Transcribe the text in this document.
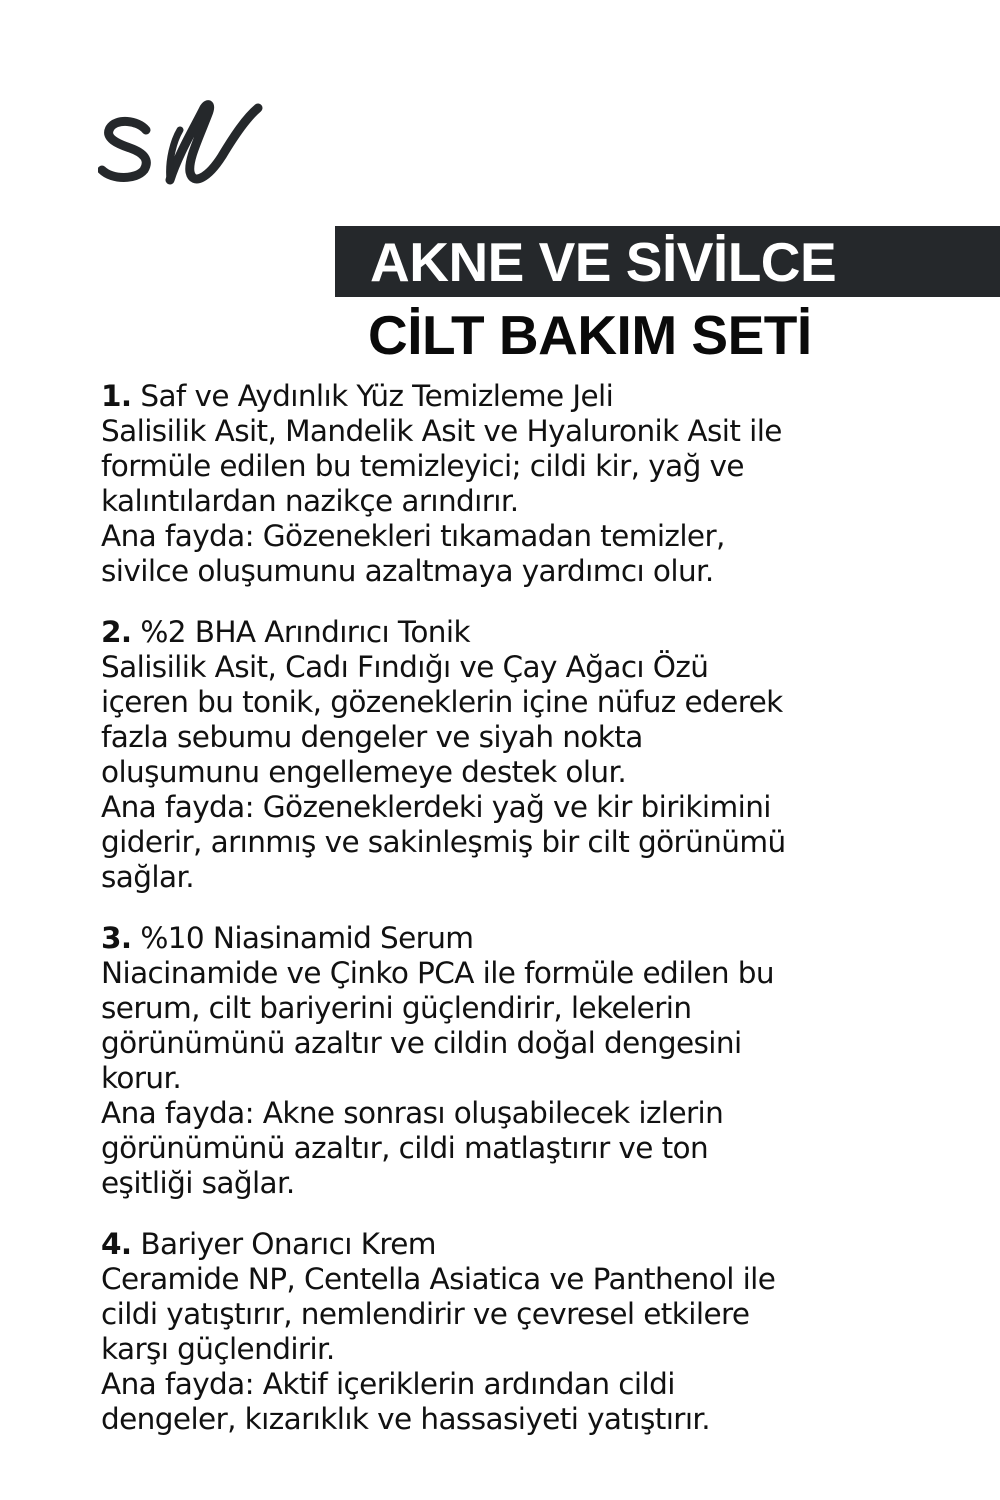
AKNE VE SİVİLCE
CİLT BAKIM SETİ

1. Saf ve Aydınlık Yüz Temizleme Jeli

Salisilik Asit, Mandelik Asit ve Hyaluronik Asit ile

formüle edilen bu temizleyici; cildi kir, yağ ve

kalıntılardan nazikçe arındırır.

Ana fayda: Gözenekleri tıkamadan temizler,

sivilce oluşumunu azaltmaya yardımcı olur.

2. %2 BHA Arındırıcı Tonik

Salisilik Asit, Cadı Fındığı ve Çay Ağacı Özü

içeren bu tonik, gözeneklerin içine nüfuz ederek

fazla sebumu dengeler ve siyah nokta

oluşumunu engellemeye destek olur.

Ana fayda: Gözeneklerdeki yağ ve kir birikimini

giderir, arınmış ve sakinleşmiş bir cilt görünümü

sağlar.

3. %10 Niasinamid Serum

Niacinamide ve Çinko PCA ile formüle edilen bu

serum, cilt bariyerini güçlendirir, lekelerin

görünümünü azaltır ve cildin doğal dengesini

korur.

Ana fayda: Akne sonrası oluşabilecek izlerin

görünümünü azaltır, cildi matlaştırır ve ton

eşitliği sağlar.

4. Bariyer Onarıcı Krem

Ceramide NP, Centella Asiatica ve Panthenol ile

cildi yatıştırır, nemlendirir ve çevresel etkilere

karşı güçlendirir.

Ana fayda: Aktif içeriklerin ardından cildi

dengeler, kızarıklık ve hassasiyeti yatıştırır.
